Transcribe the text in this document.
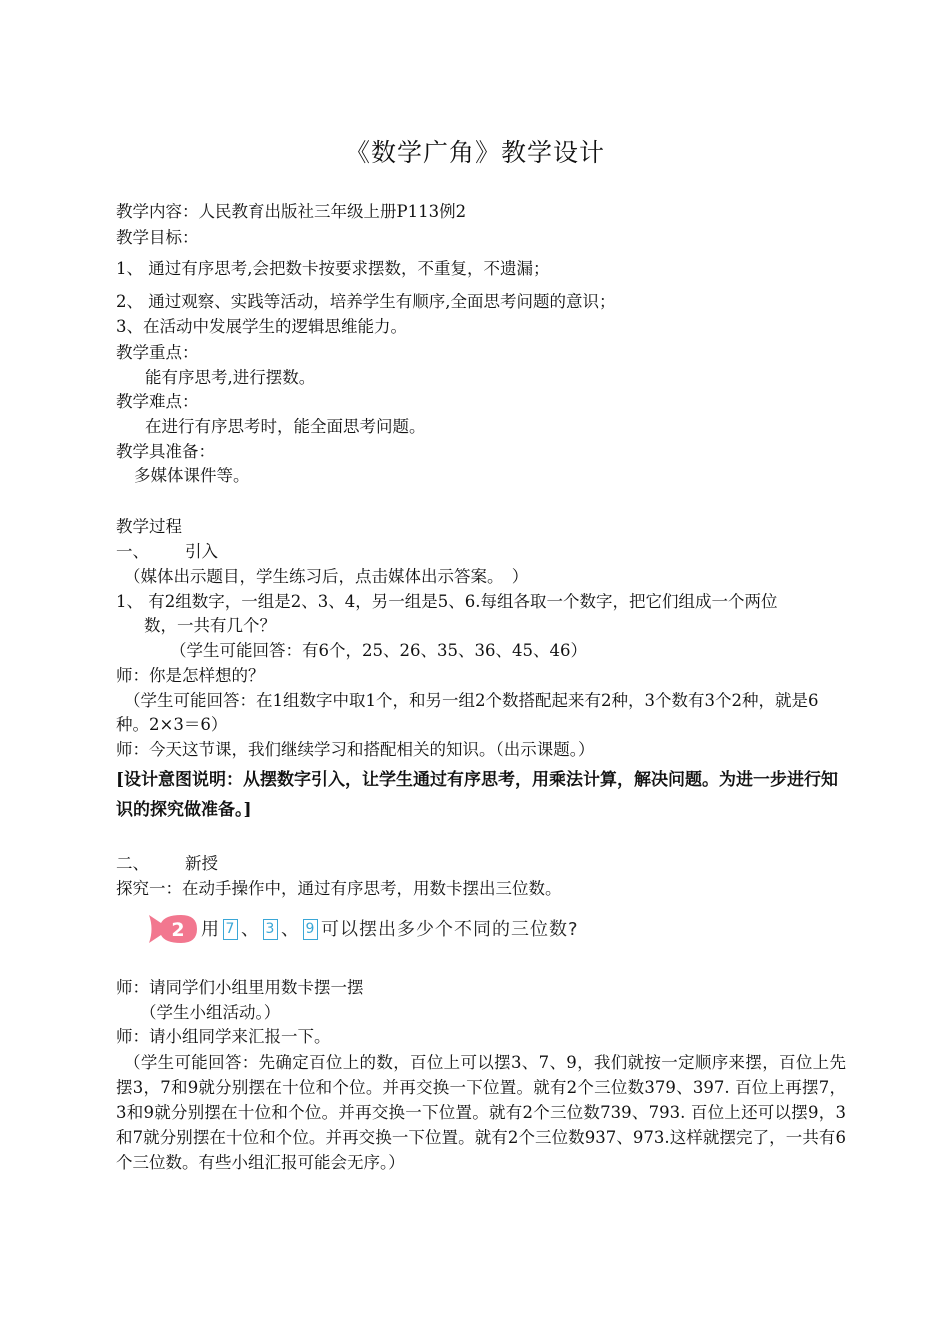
《数学广角》教学设计
教学内容：人民教育出版社三年级上册P113例2
教学目标：
1、 通过有序思考,会把数卡按要求摆数，不重复，不遗漏；
2、 通过观察、实践等活动，培养学生有顺序,全面思考问题的意识；
3、在活动中发展学生的逻辑思维能力。
教学重点：
能有序思考,进行摆数。
教学难点：
在进行有序思考时，能全面思考问题。
教学具准备：
多媒体课件等。
教学过程
一、 引入
（媒体出示题目，学生练习后，点击媒体出示答案。　）
1、 有2组数字，一组是2、3、4，另一组是5、6.每组各取一个数字，把它们组成一个两位
数，一共有几个？
（学生可能回答：有6个，25、26、35、36、45、46）
师：你是怎样想的？
（学生可能回答：在1组数字中取1个，和另一组2个数搭配起来有2种，3个数有3个2种，就是6种。2×3＝6）
师：今天这节课，我们继续学习和搭配相关的知识。（出示课题。）
[设计意图说明：从摆数字引入，让学生通过有序思考，用乘法计算，解决问题。为进一步进行知识的探究做准备。]
二、 新授
探究一：在动手操作中，通过有序思考，用数卡摆出三位数。
2 用 7 、 3 、 9 可以摆出多少个不同的三位数?
师：请同学们小组里用数卡摆一摆
（学生小组活动。）
师：请小组同学来汇报一下。
（学生可能回答：先确定百位上的数，百位上可以摆3、7、9，我们就按一定顺序来摆，百位上先摆3，7和9就分别摆在十位和个位。并再交换一下位置。就有2个三位数379、397. 百位上再摆7，3和9就分别摆在十位和个位。并再交换一下位置。就有2个三位数739、793. 百位上还可以摆9，3和7就分别摆在十位和个位。并再交换一下位置。就有2个三位数937、973.这样就摆完了，一共有6个三位数。有些小组汇报可能会无序。）
